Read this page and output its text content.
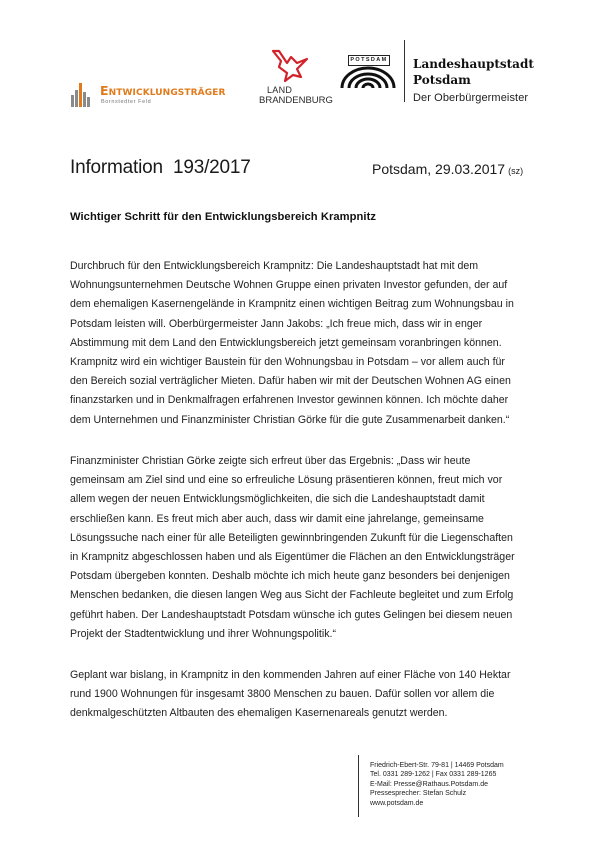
Entwicklungsträger
Bornstedter Feld
LAND
BRANDENBURG
POTSDAM Landeshauptstadt
Potsdam
Der Oberbürgermeister
Information  193/2017	Potsdam, 29.03.2017 (sz)
Wichtiger Schritt für den Entwicklungsbereich Krampnitz
Durchbruch für den Entwicklungsbereich Krampnitz: Die Landeshauptstadt hat mit dem
Wohnungsunternehmen Deutsche Wohnen Gruppe einen privaten Investor gefunden, der auf
dem ehemaligen Kasernengelände in Krampnitz einen wichtigen Beitrag zum Wohnungsbau in
Potsdam leisten will. Oberbürgermeister Jann Jakobs: „Ich freue mich, dass wir in enger
Abstimmung mit dem Land den Entwicklungsbereich jetzt gemeinsam voranbringen können.
Krampnitz wird ein wichtiger Baustein für den Wohnungsbau in Potsdam – vor allem auch für
den Bereich sozial verträglicher Mieten. Dafür haben wir mit der Deutschen Wohnen AG einen
finanzstarken und in Denkmalfragen erfahrenen Investor gewinnen können. Ich möchte daher
dem Unternehmen und Finanzminister Christian Görke für die gute Zusammenarbeit danken.“
Finanzminister Christian Görke zeigte sich erfreut über das Ergebnis: „Dass wir heute
gemeinsam am Ziel sind und eine so erfreuliche Lösung präsentieren können, freut mich vor
allem wegen der neuen Entwicklungsmöglichkeiten, die sich die Landeshauptstadt damit
erschließen kann. Es freut mich aber auch, dass wir damit eine jahrelange, gemeinsame
Lösungssuche nach einer für alle Beteiligten gewinnbringenden Zukunft für die Liegenschaften
in Krampnitz abgeschlossen haben und als Eigentümer die Flächen an den Entwicklungsträger
Potsdam übergeben konnten. Deshalb möchte ich mich heute ganz besonders bei denjenigen
Menschen bedanken, die diesen langen Weg aus Sicht der Fachleute begleitet und zum Erfolg
geführt haben. Der Landeshauptstadt Potsdam wünsche ich gutes Gelingen bei diesem neuen
Projekt der Stadtentwicklung und ihrer Wohnungspolitik.“
Geplant war bislang, in Krampnitz in den kommenden Jahren auf einer Fläche von 140 Hektar
rund 1900 Wohnungen für insgesamt 3800 Menschen zu bauen. Dafür sollen vor allem die
denkmalgeschützten Altbauten des ehemaligen Kasernenareals genutzt werden.
Friedrich-Ebert-Str. 79-81 | 14469 Potsdam
Tel. 0331 289-1262 | Fax 0331 289-1265
E-Mail: Presse@Rathaus.Potsdam.de
Pressesprecher: Stefan Schulz
www.potsdam.de
